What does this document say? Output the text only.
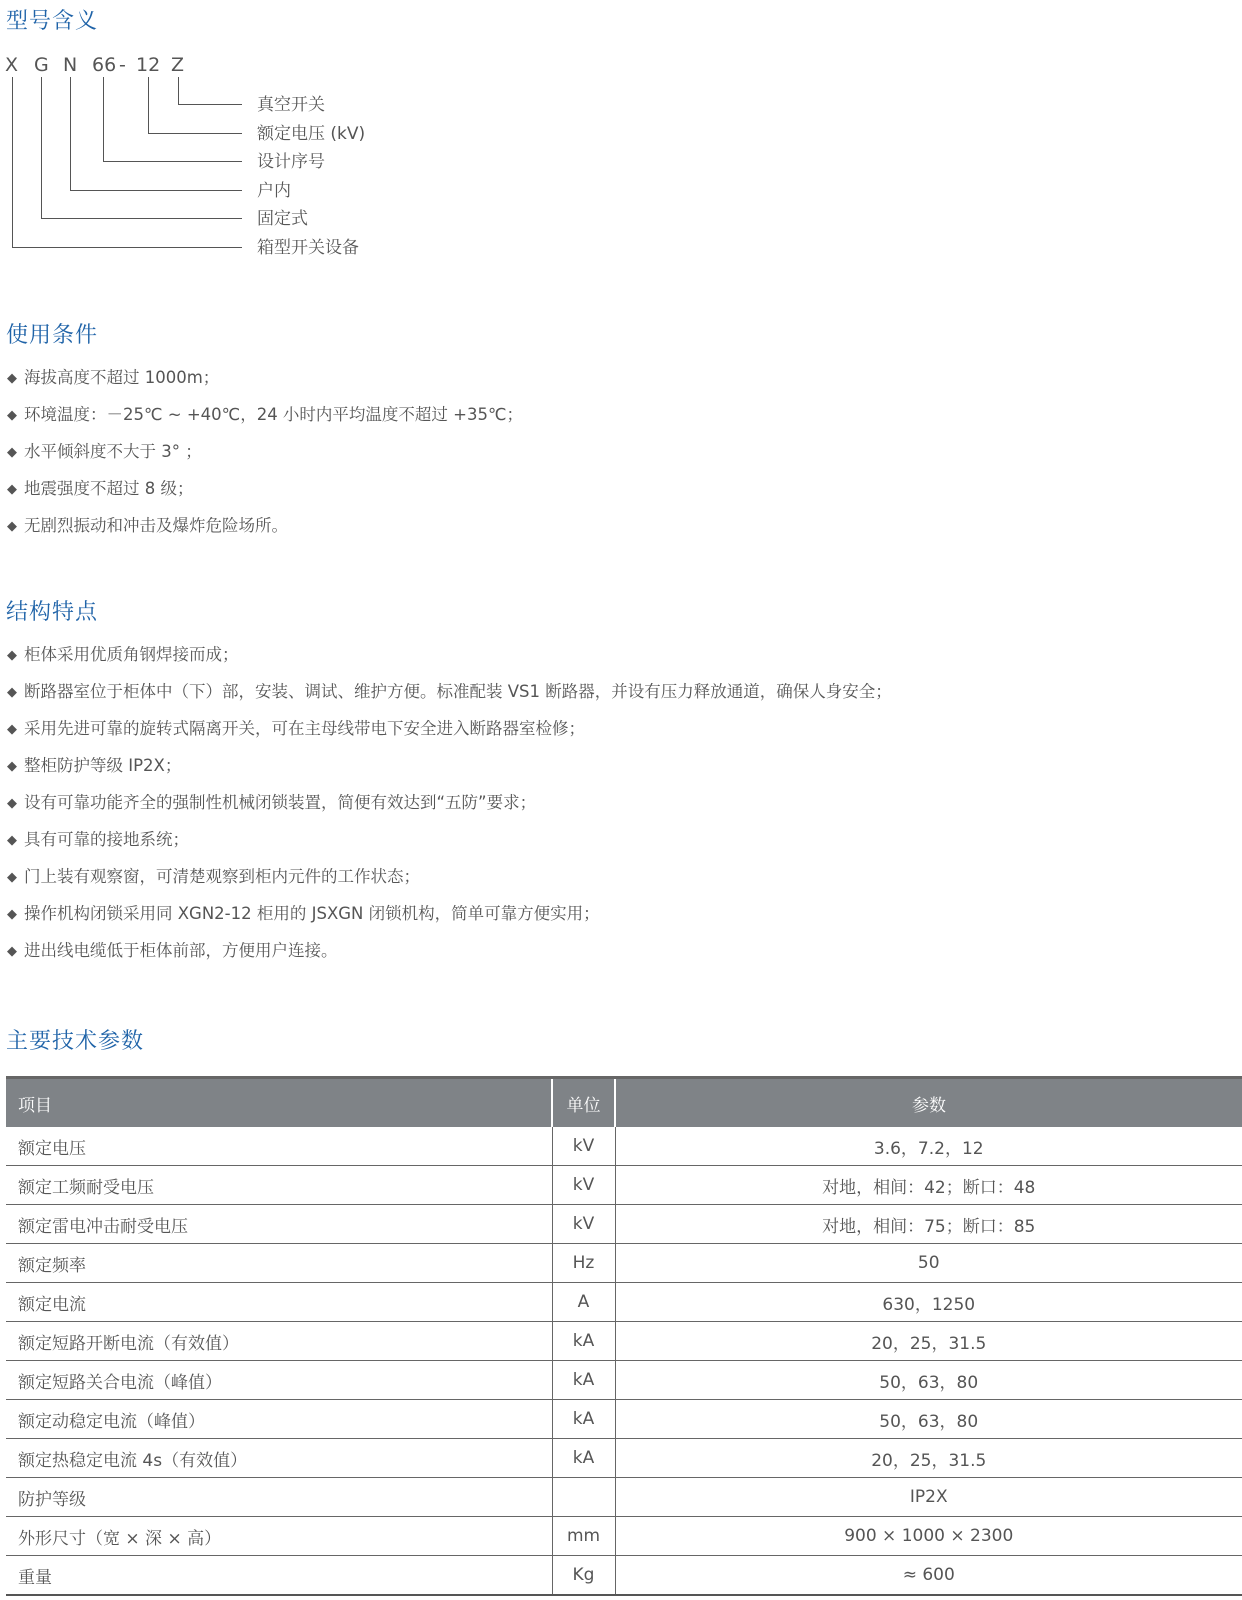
型号含义
X G N 66 - 12 Z
真空开关
额定电压 (kV)
设计序号
户内
固定式
箱型开关设备
使用条件
◆ 海拔高度不超过 1000m；
◆ 环境温度：－25℃ ~ +40℃，24 小时内平均温度不超过 +35℃；
◆ 水平倾斜度不大于 3° ；
◆ 地震强度不超过 8 级；
◆ 无剧烈振动和冲击及爆炸危险场所。
结构特点
◆ 柜体采用优质角钢焊接而成；
◆ 断路器室位于柜体中（下）部，安装、调试、维护方便。标准配装 VS1 断路器，并设有压力释放通道，确保人身安全；
◆ 采用先进可靠的旋转式隔离开关，可在主母线带电下安全进入断路器室检修；
◆ 整柜防护等级 IP2X；
◆ 设有可靠功能齐全的强制性机械闭锁装置，简便有效达到“五防”要求；
◆ 具有可靠的接地系统；
◆ 门上装有观察窗，可清楚观察到柜内元件的工作状态；
◆ 操作机构闭锁采用同 XGN2-12 柜用的 JSXGN 闭锁机构，简单可靠方便实用；
◆ 进出线电缆低于柜体前部，方便用户连接。
主要技术参数
项目	单位	参数
额定电压	kV	3.6，7.2，12
额定工频耐受电压	kV	对地，相间：42；断口：48
额定雷电冲击耐受电压	kV	对地，相间：75；断口：85
额定频率	Hz	50
额定电流	A	630，1250
额定短路开断电流（有效值）	kA	20，25，31.5
额定短路关合电流（峰值）	kA	50，63，80
额定动稳定电流（峰值）	kA	50，63，80
额定热稳定电流 4s（有效值）	kA	20，25，31.5
防护等级		IP2X
外形尺寸（宽 × 深 × 高）	mm	900 × 1000 × 2300
重量	Kg	≈ 600
